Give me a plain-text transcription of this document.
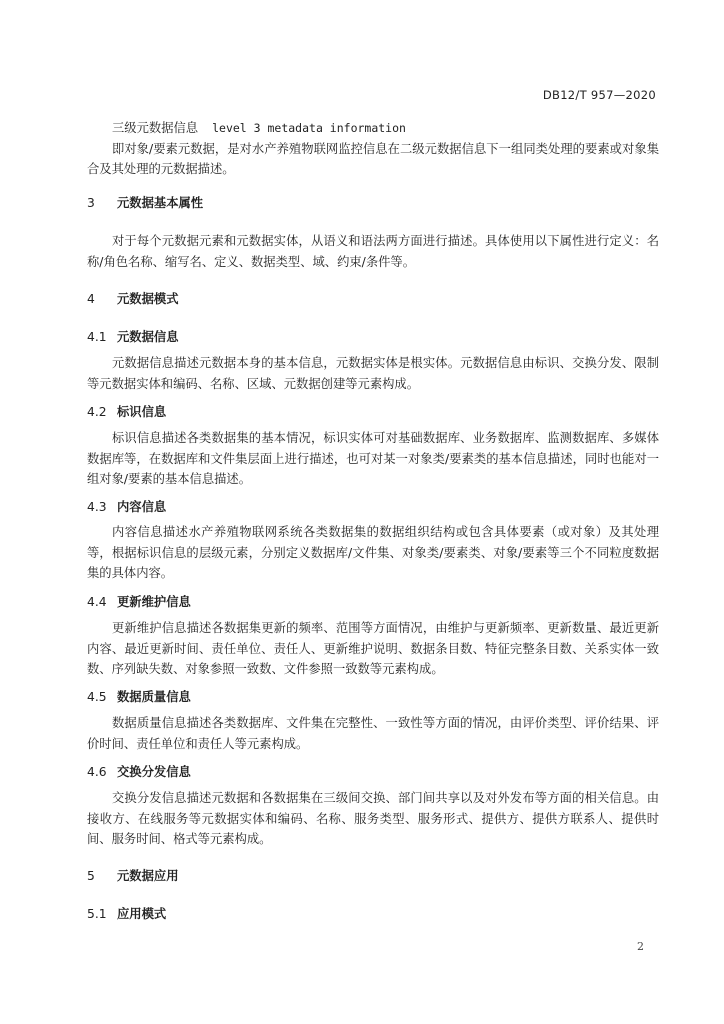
DB12/T 957—2020
三级元数据信息 level 3 metadata information
即对象/要素元数据，是对水产养殖物联网监控信息在二级元数据信息下一组同类处理的要素或对象集合及其处理的元数据描述。
3 元数据基本属性
对于每个元数据元素和元数据实体，从语义和语法两方面进行描述。具体使用以下属性进行定义：名称/角色名称、缩写名、定义、数据类型、域、约束/条件等。
4 元数据模式
4.1 元数据信息
元数据信息描述元数据本身的基本信息，元数据实体是根实体。元数据信息由标识、交换分发、限制等元数据实体和编码、名称、区域、元数据创建等元素构成。
4.2 标识信息
标识信息描述各类数据集的基本情况，标识实体可对基础数据库、业务数据库、监测数据库、多媒体数据库等，在数据库和文件集层面上进行描述，也可对某一对象类/要素类的基本信息描述，同时也能对一组对象/要素的基本信息描述。
4.3 内容信息
内容信息描述水产养殖物联网系统各类数据集的数据组织结构或包含具体要素（或对象）及其处理等，根据标识信息的层级元素，分别定义数据库/文件集、对象类/要素类、对象/要素等三个不同粒度数据集的具体内容。
4.4 更新维护信息
更新维护信息描述各数据集更新的频率、范围等方面情况，由维护与更新频率、更新数量、最近更新内容、最近更新时间、责任单位、责任人、更新维护说明、数据条目数、特征完整条目数、关系实体一致数、序列缺失数、对象参照一致数、文件参照一致数等元素构成。
4.5 数据质量信息
数据质量信息描述各类数据库、文件集在完整性、一致性等方面的情况，由评价类型、评价结果、评价时间、责任单位和责任人等元素构成。
4.6 交换分发信息
交换分发信息描述元数据和各数据集在三级间交换、部门间共享以及对外发布等方面的相关信息。由接收方、在线服务等元数据实体和编码、名称、服务类型、服务形式、提供方、提供方联系人、提供时间、服务时间、格式等元素构成。
5 元数据应用
5.1 应用模式
2
